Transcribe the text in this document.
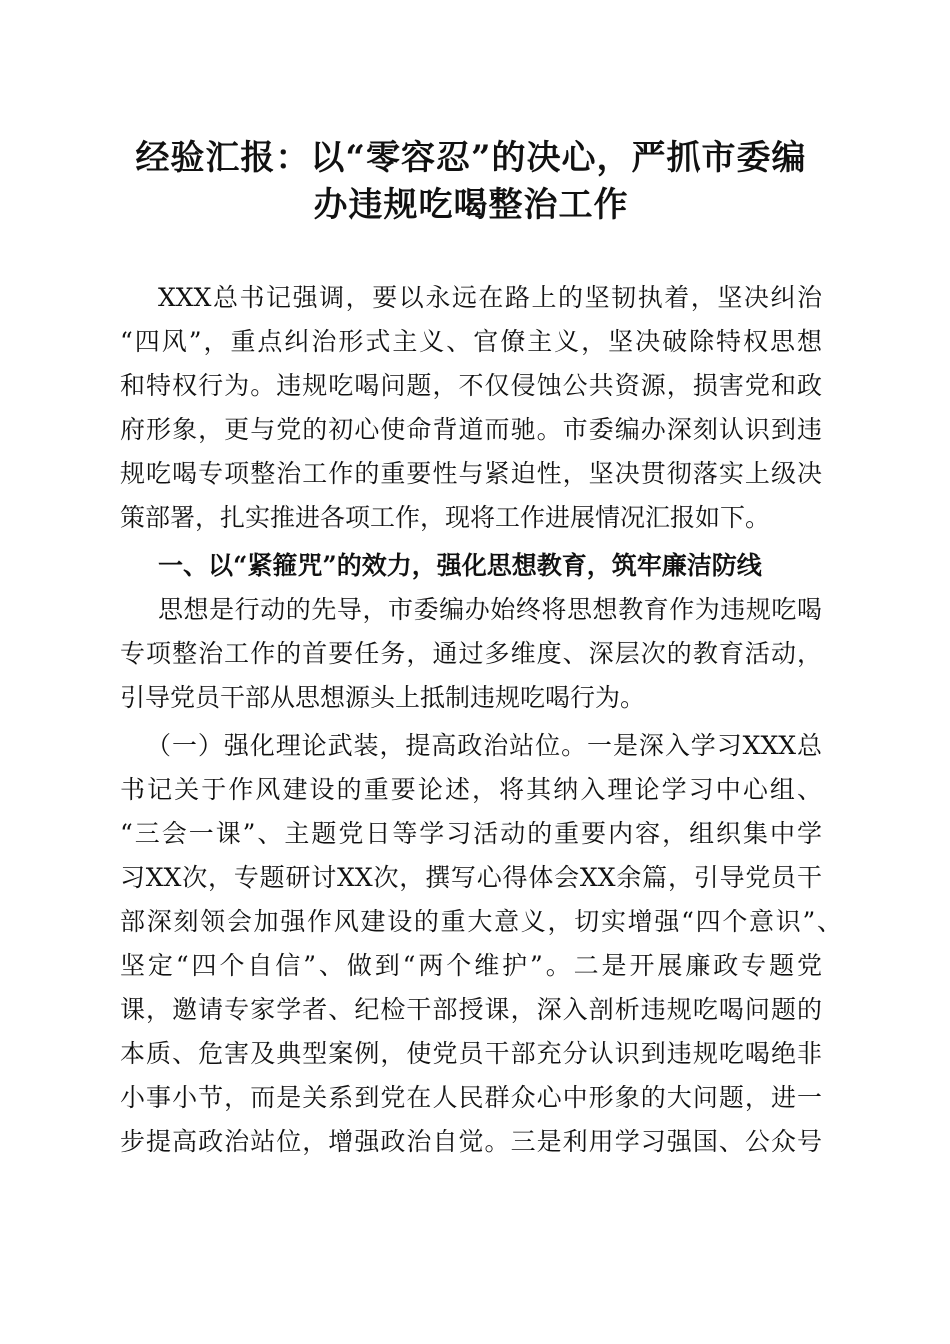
经验汇报：以“零容忍”的决心，严抓市委编
办违规吃喝整治工作
XXX总书记强调，要以永远在路上的坚韧执着，坚决纠治
“四风”，重点纠治形式主义、官僚主义，坚决破除特权思想
和特权行为。违规吃喝问题，不仅侵蚀公共资源，损害党和政
府形象，更与党的初心使命背道而驰。市委编办深刻认识到违
规吃喝专项整治工作的重要性与紧迫性，坚决贯彻落实上级决
策部署，扎实推进各项工作，现将工作进展情况汇报如下。
一、以“紧箍咒”的效力，强化思想教育，筑牢廉洁防线
思想是行动的先导，市委编办始终将思想教育作为违规吃喝
专项整治工作的首要任务，通过多维度、深层次的教育活动，
引导党员干部从思想源头上抵制违规吃喝行为。
（一）强化理论武装，提高政治站位。一是深入学习XXX总
书记关于作风建设的重要论述，将其纳入理论学习中心组、
“三会一课”、主题党日等学习活动的重要内容，组织集中学
习XX次，专题研讨XX次，撰写心得体会XX余篇，引导党员干
部深刻领会加强作风建设的重大意义，切实增强“四个意识”、
坚定“四个自信”、做到“两个维护”。二是开展廉政专题党
课，邀请专家学者、纪检干部授课，深入剖析违规吃喝问题的
本质、危害及典型案例，使党员干部充分认识到违规吃喝绝非
小事小节，而是关系到党在人民群众心中形象的大问题，进一
步提高政治站位，增强政治自觉。三是利用学习强国、公众号
